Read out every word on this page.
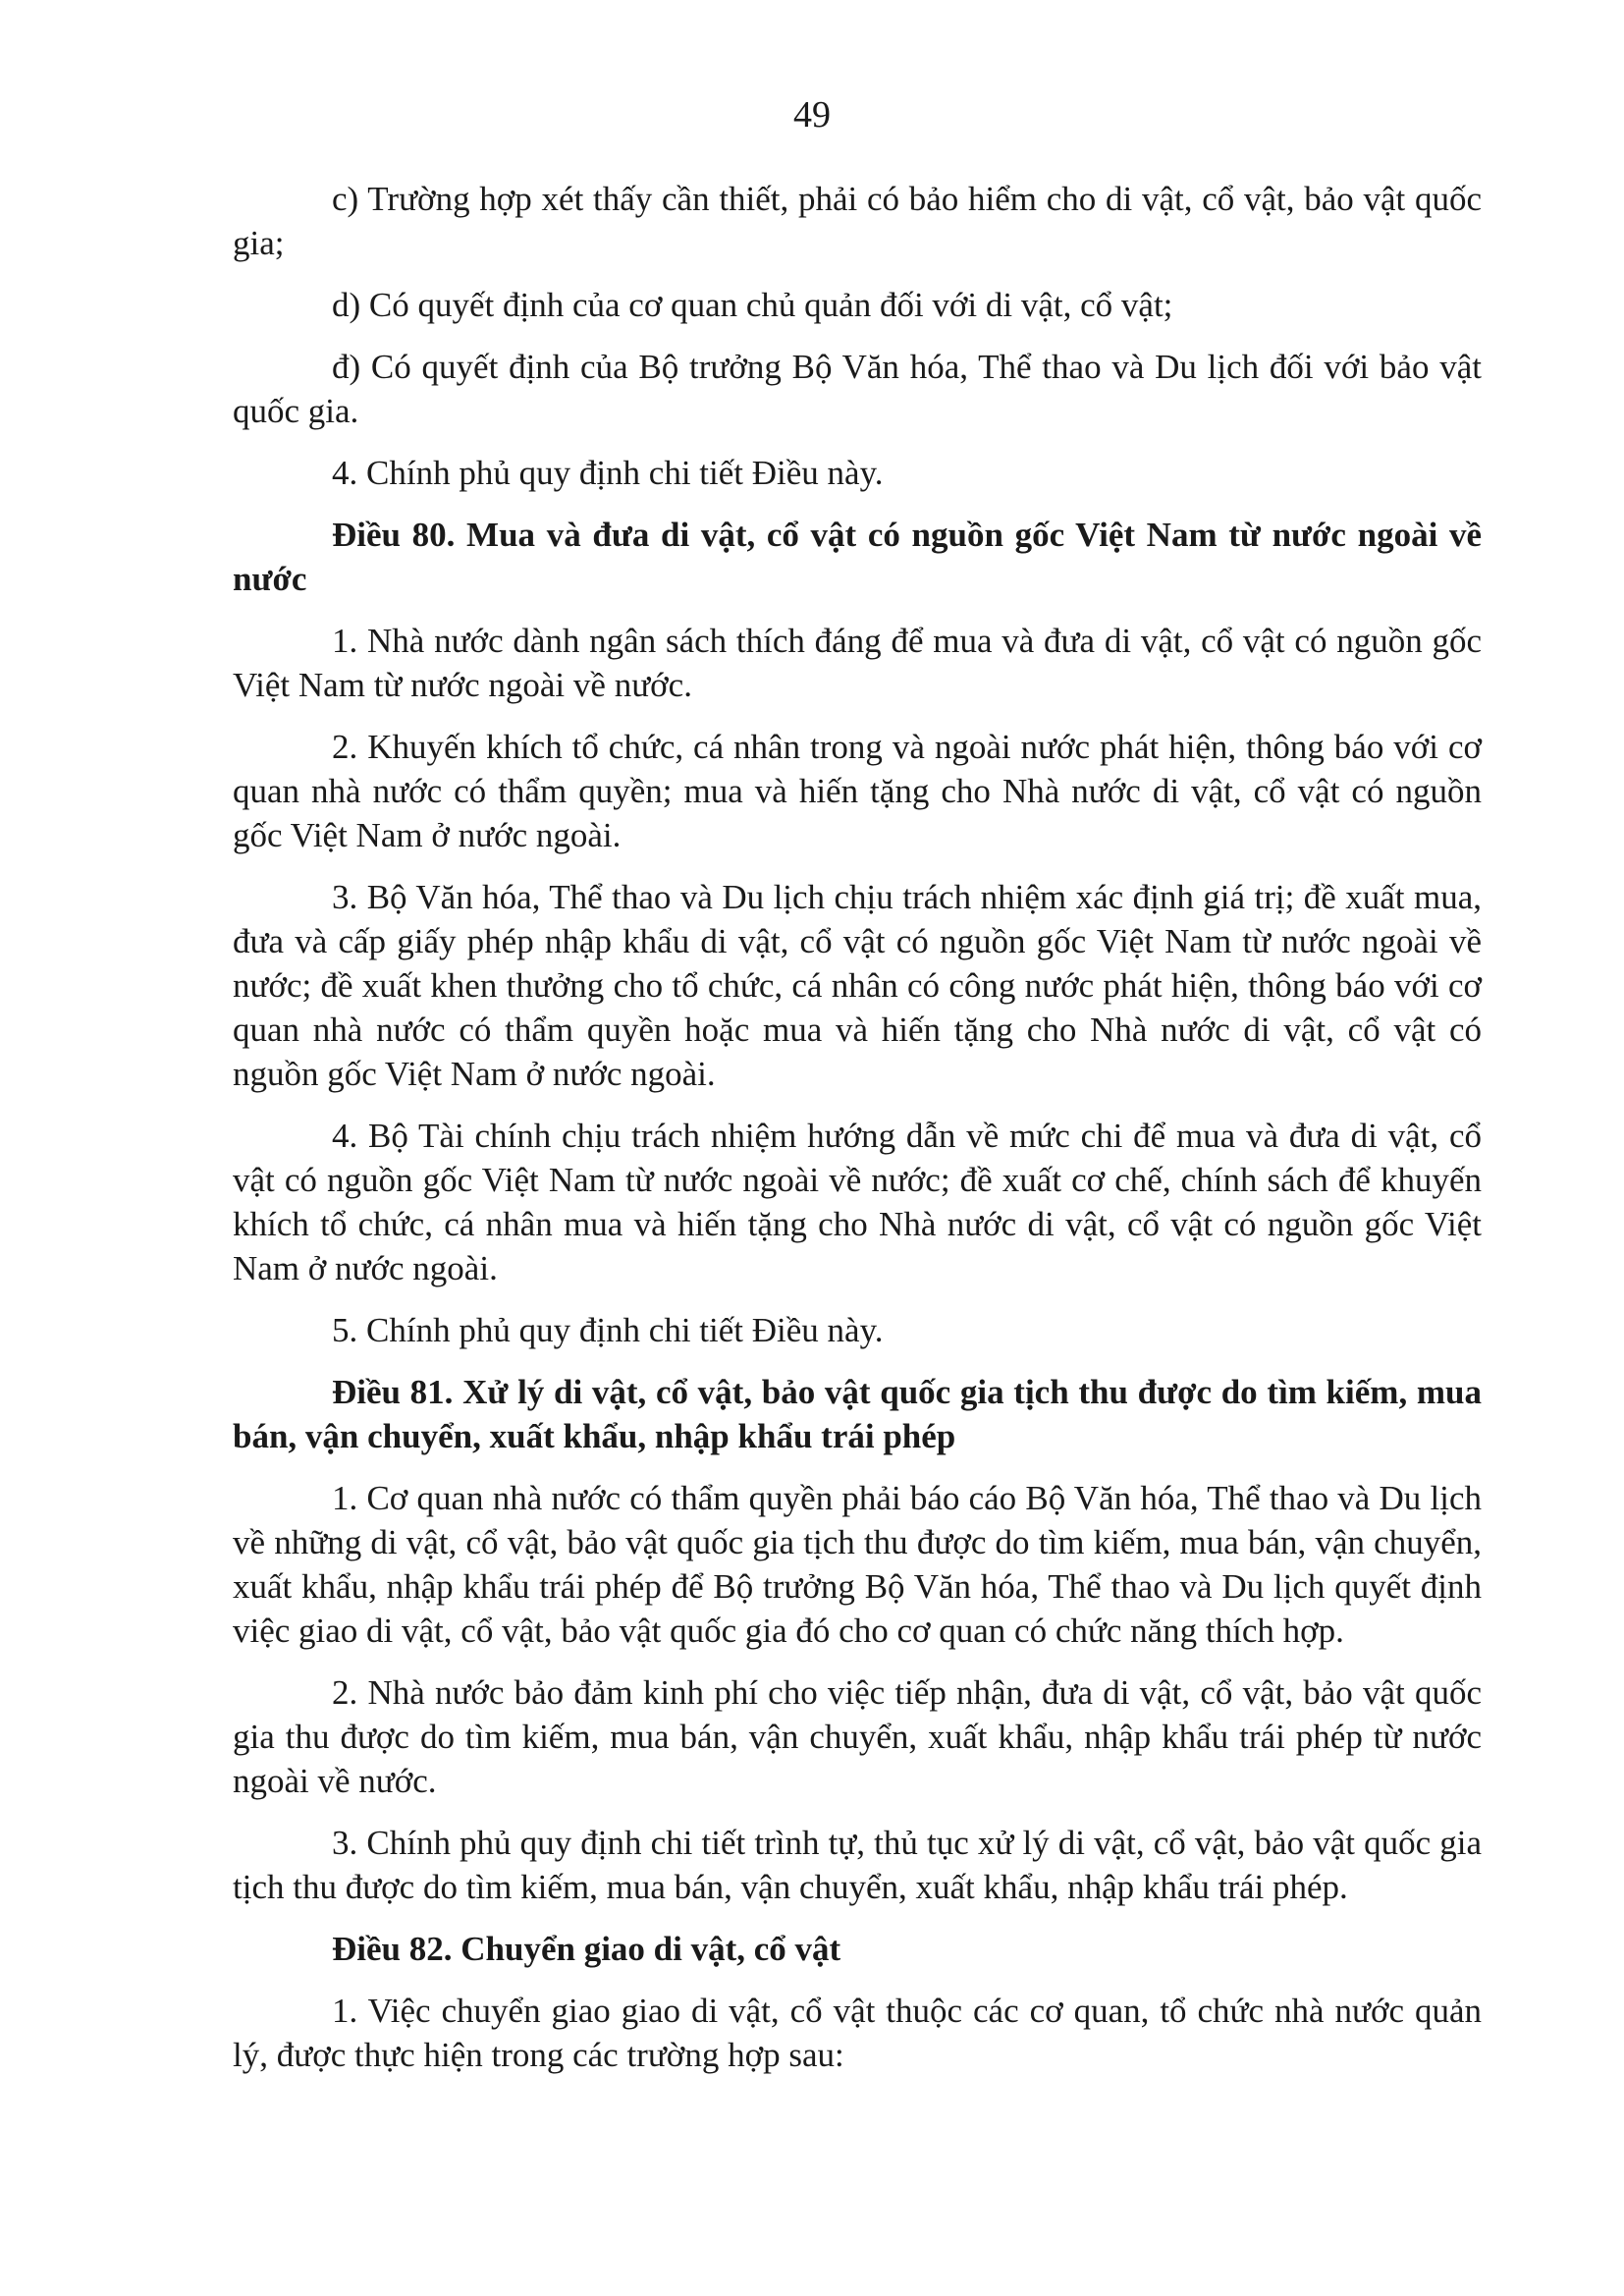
49

c) Trường hợp xét thấy cần thiết, phải có bảo hiểm cho di vật, cổ vật, bảo vật quốc gia;

d) Có quyết định của cơ quan chủ quản đối với di vật, cổ vật;

đ) Có quyết định của Bộ trưởng Bộ Văn hóa, Thể thao và Du lịch đối với bảo vật quốc gia.

4. Chính phủ quy định chi tiết Điều này.

Điều 80. Mua và đưa di vật, cổ vật có nguồn gốc Việt Nam từ nước ngoài về nước

1. Nhà nước dành ngân sách thích đáng để mua và đưa di vật, cổ vật có nguồn gốc Việt Nam từ nước ngoài về nước.

2. Khuyến khích tổ chức, cá nhân trong và ngoài nước phát hiện, thông báo với cơ quan nhà nước có thẩm quyền; mua và hiến tặng cho Nhà nước di vật, cổ vật có nguồn gốc Việt Nam ở nước ngoài.

3. Bộ Văn hóa, Thể thao và Du lịch chịu trách nhiệm xác định giá trị; đề xuất mua, đưa và cấp giấy phép nhập khẩu di vật, cổ vật có nguồn gốc Việt Nam từ nước ngoài về nước; đề xuất khen thưởng cho tổ chức, cá nhân có công nước phát hiện, thông báo với cơ quan nhà nước có thẩm quyền hoặc mua và hiến tặng cho Nhà nước di vật, cổ vật có nguồn gốc Việt Nam ở nước ngoài.

4. Bộ Tài chính chịu trách nhiệm hướng dẫn về mức chi để mua và đưa di vật, cổ vật có nguồn gốc Việt Nam từ nước ngoài về nước; đề xuất cơ chế, chính sách để khuyến khích tổ chức, cá nhân mua và hiến tặng cho Nhà nước di vật, cổ vật có nguồn gốc Việt Nam ở nước ngoài.

5. Chính phủ quy định chi tiết Điều này.

Điều 81. Xử lý di vật, cổ vật, bảo vật quốc gia tịch thu được do tìm kiếm, mua bán, vận chuyển, xuất khẩu, nhập khẩu trái phép

1. Cơ quan nhà nước có thẩm quyền phải báo cáo Bộ Văn hóa, Thể thao và Du lịch về những di vật, cổ vật, bảo vật quốc gia tịch thu được do tìm kiếm, mua bán, vận chuyển, xuất khẩu, nhập khẩu trái phép để Bộ trưởng Bộ Văn hóa, Thể thao và Du lịch quyết định việc giao di vật, cổ vật, bảo vật quốc gia đó cho cơ quan có chức năng thích hợp.

2. Nhà nước bảo đảm kinh phí cho việc tiếp nhận, đưa di vật, cổ vật, bảo vật quốc gia thu được do tìm kiếm, mua bán, vận chuyển, xuất khẩu, nhập khẩu trái phép từ nước ngoài về nước.

3. Chính phủ quy định chi tiết trình tự, thủ tục xử lý di vật, cổ vật, bảo vật quốc gia tịch thu được do tìm kiếm, mua bán, vận chuyển, xuất khẩu, nhập khẩu trái phép.

Điều 82. Chuyển giao di vật, cổ vật

1. Việc chuyển giao giao di vật, cổ vật thuộc các cơ quan, tổ chức nhà nước quản lý, được thực hiện trong các trường hợp sau:
